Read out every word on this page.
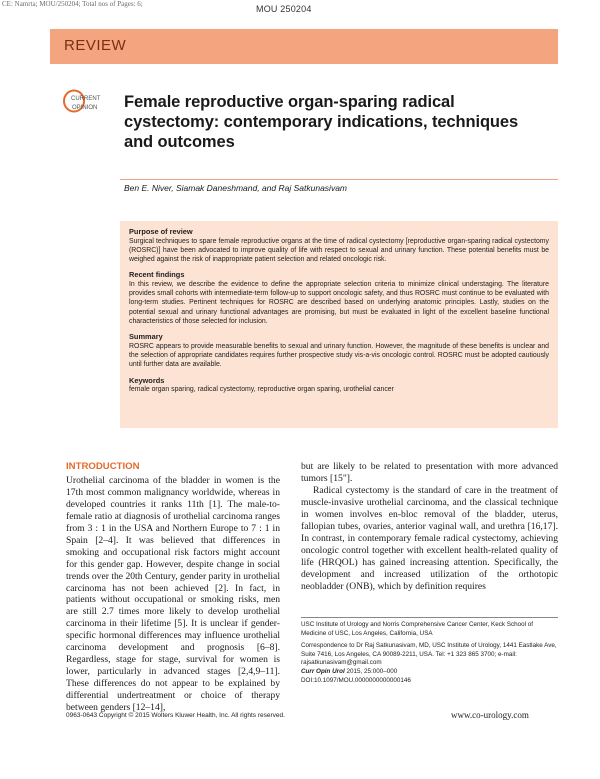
CE: Namrta; MOU/250204; Total nos of Pages: 6;	MOU 250204
REVIEW
CURRENT
OPINION Female reproductive organ-sparing radical cystectomy: contemporary indications, techniques and outcomes
Ben E. Niver, Siamak Daneshmand, and Raj Satkunasivam
Purpose of review
Surgical techniques to spare female reproductive organs at the time of radical cystectomy [reproductive organ-sparing radical cystectomy (ROSRC)] have been advocated to improve quality of life with respect to sexual and urinary function. These potential benefits must be weighed against the risk of inappropriate patient selection and related oncologic risk.
Recent findings
In this review, we describe the evidence to define the appropriate selection criteria to minimize clinical understaging. The literature provides small cohorts with intermediate-term follow-up to support oncologic safety, and thus ROSRC must continue to be evaluated with long-term studies. Pertinent techniques for ROSRC are described based on underlying anatomic principles. Lastly, studies on the potential sexual and urinary functional advantages are promising, but must be evaluated in light of the excellent baseline functional characteristics of those selected for inclusion.
Summary
ROSRC appears to provide measurable benefits to sexual and urinary function. However, the magnitude of these benefits is unclear and the selection of appropriate candidates requires further prospective study vis-a-vis oncologic control. ROSRC must be adopted cautiously until further data are available.
Keywords
female organ sparing, radical cystectomy, reproductive organ sparing, urothelial cancer
INTRODUCTION

Urothelial carcinoma of the bladder in women is the 17th most common malignancy worldwide, whereas in developed countries it ranks 11th [1]. The male-to-female ratio at diagnosis of urothelial carcinoma ranges from 3 : 1 in the USA and Northern Europe to 7 : 1 in Spain [2–4]. It was believed that differences in smoking and occupational risk factors might account for this gender gap. However, despite change in social trends over the 20th Century, gender parity in urothelial carcinoma has not been achieved [2]. In fact, in patients without occupational or smoking risks, men are still 2.7 times more likely to develop urothelial carcinoma in their lifetime [5]. It is unclear if gender-specific hormonal differences may influence urothelial carcinoma development and prognosis [6–8]. Regardless, stage for stage, survival for women is lower, particularly in advanced stages [2,4,9–11]. These differences do not appear to be explained by differential undertreatment or choice of therapy between genders [12–14],

but are likely to be related to presentation with more advanced tumors [15"].

Radical cystectomy is the standard of care in the treatment of muscle-invasive urothelial carcinoma, and the classical technique in women involves en-bloc removal of the bladder, uterus, fallopian tubes, ovaries, anterior vaginal wall, and urethra [16,17]. In contrast, in contemporary female radical cystectomy, achieving oncologic control together with excellent health-related quality of life (HRQOL) has gained increasing attention. Specifically, the development and increased utilization of the orthotopic neobladder (ONB), which by definition requires

USC Institute of Urology and Norris Comprehensive Cancer Center, Keck School of Medicine of USC, Los Angeles, California, USA
Correspondence to Dr Raj Satkunasivam, MD, USC Institute of Urology, 1441 Eastlake Ave, Suite 7416, Los Angeles, CA 90089-2211, USA. Tel: +1 323 865 3700; e-mail: rajsatkunasivam@gmail.com
Curr Opin Urol 2015, 25:000–000
DOI:10.1097/MOU.0000000000000146
0963-0643 Copyright © 2015 Wolters Kluwer Health, Inc. All rights reserved.	www.co-urology.com
